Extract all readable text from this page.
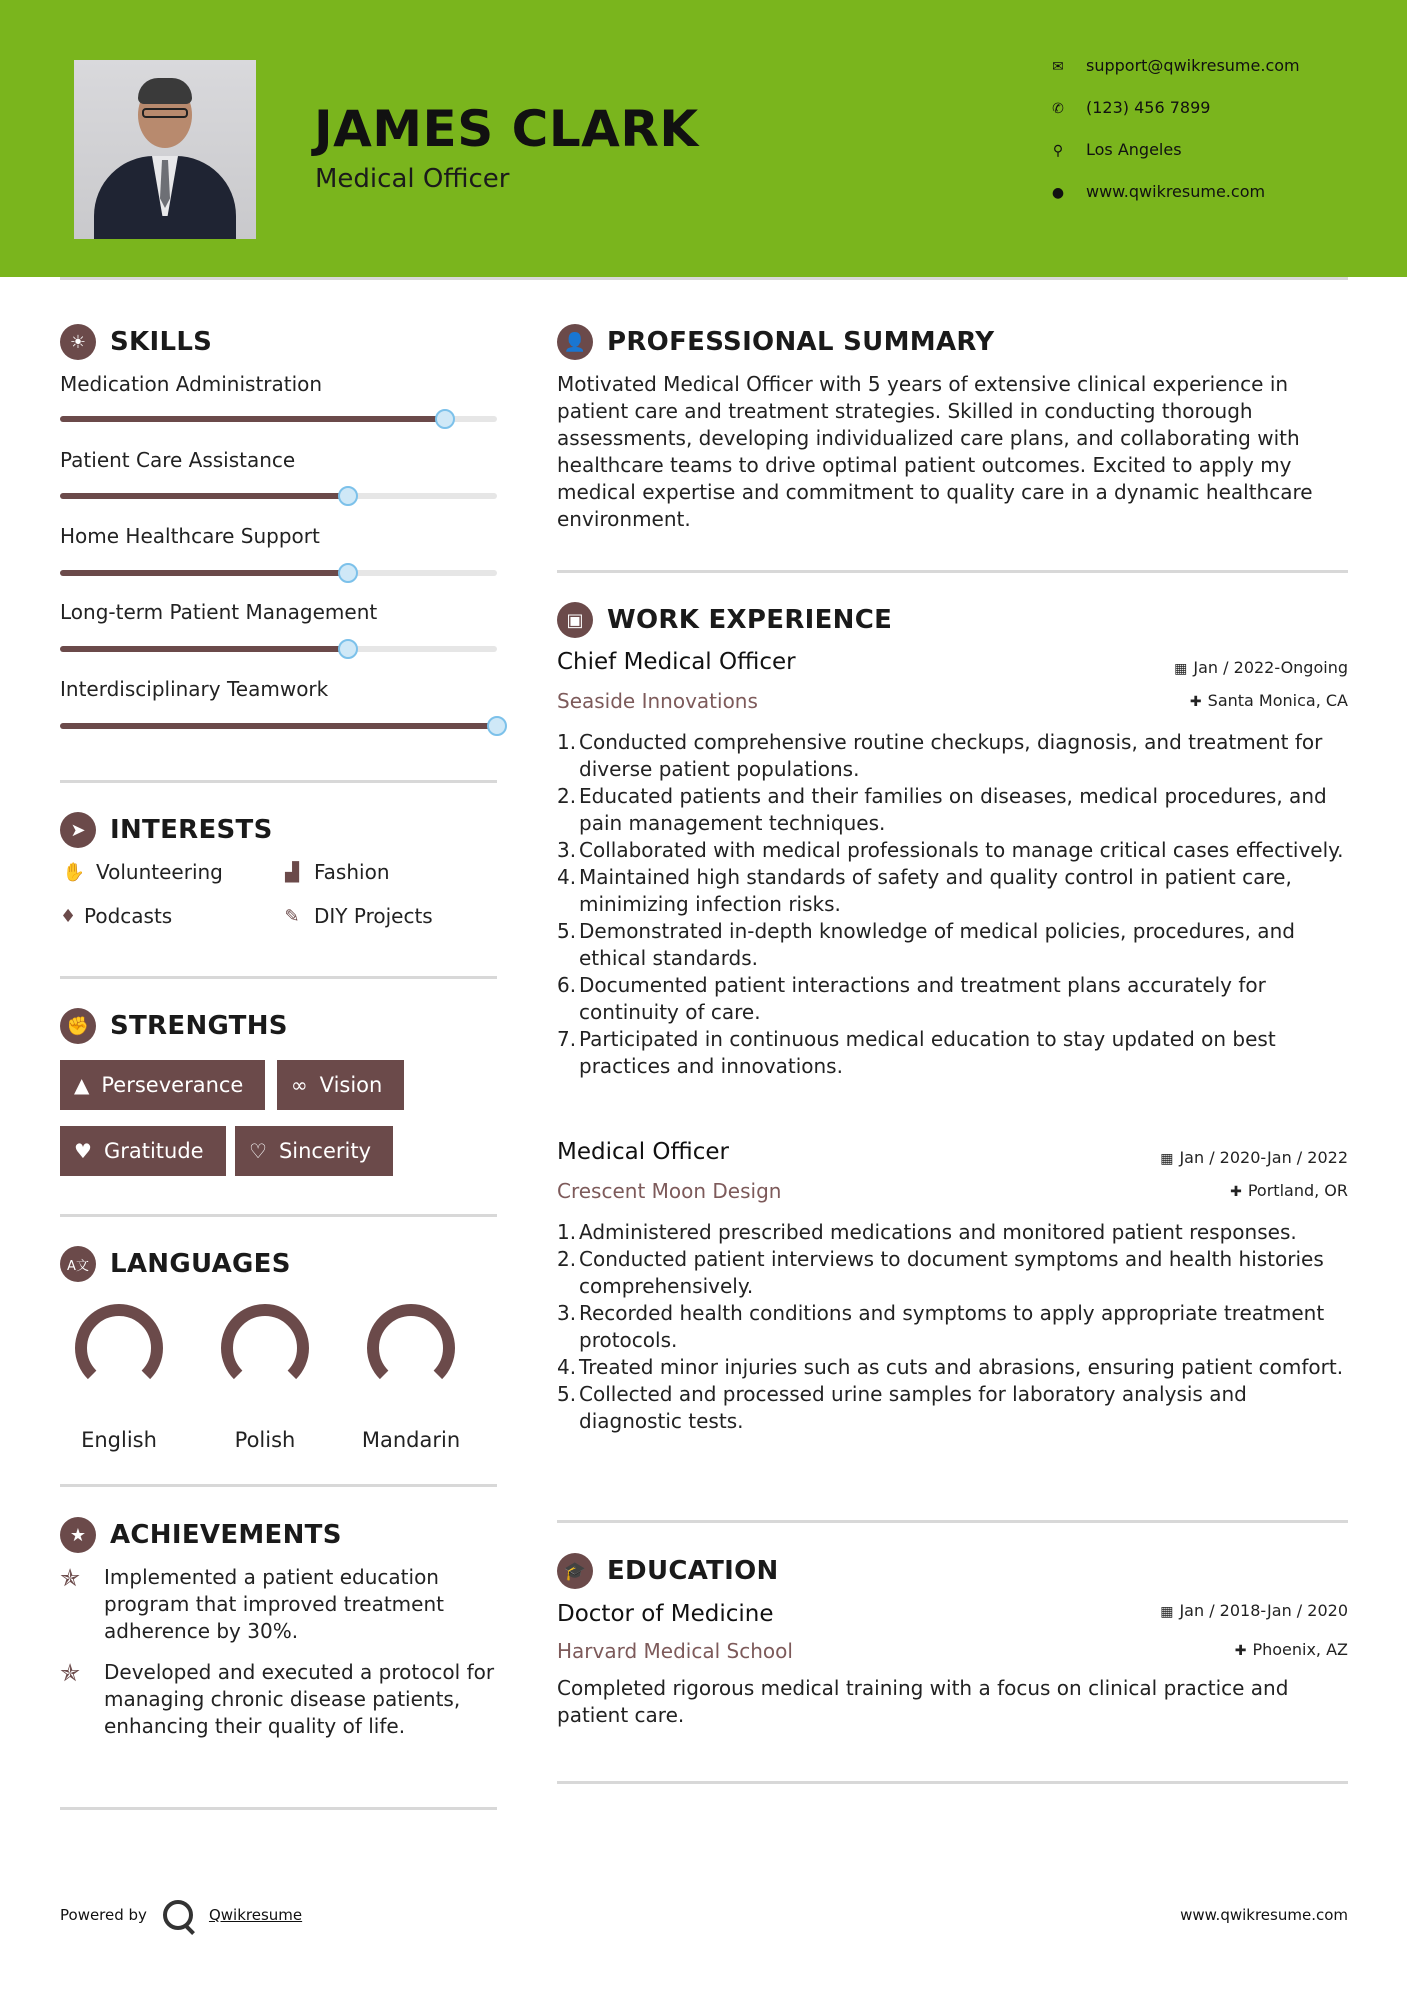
JAMES CLARK
Medical Officer
✉ support@qwikresume.com
✆ (123) 456 7899
⚲ Los Angeles
● www.qwikresume.com
☀ SKILLS
Medication Administration
Patient Care Assistance
Home Healthcare Support
Long-term Patient Management
Interdisciplinary Teamwork
➤ INTERESTS
✋ Volunteering	▟ Fashion
♦ Podcasts	✎ DIY Projects
✊ STRENGTHS
▲ Perseverance ∞ Vision
♥ Gratitude ♡ Sincerity
A文 LANGUAGES
English	Polish	Mandarin
★ ACHIEVEMENTS
✯	Implemented a patient education program that improved treatment adherence by 30%.
✯	Developed and executed a protocol for managing chronic disease patients, enhancing their quality of life.
👤 PROFESSIONAL SUMMARY
Motivated Medical Officer with 5 years of extensive clinical experience in patient care and treatment strategies. Skilled in conducting thorough assessments, developing individualized care plans, and collaborating with healthcare teams to drive optimal patient outcomes. Excited to apply my medical expertise and commitment to quality care in a dynamic healthcare environment.
▣ WORK EXPERIENCE
Chief Medical Officer	▦ Jan / 2022-Ongoing
Seaside Innovations	✚ Santa Monica, CA
1. Conducted comprehensive routine checkups, diagnosis, and treatment for diverse patient populations.
2. Educated patients and their families on diseases, medical procedures, and pain management techniques.
3. Collaborated with medical professionals to manage critical cases effectively.
4. Maintained high standards of safety and quality control in patient care, minimizing infection risks.
5. Demonstrated in-depth knowledge of medical policies, procedures, and ethical standards.
6. Documented patient interactions and treatment plans accurately for continuity of care.
7. Participated in continuous medical education to stay updated on best practices and innovations.
Medical Officer	▦ Jan / 2020-Jan / 2022
Crescent Moon Design	✚ Portland, OR
1. Administered prescribed medications and monitored patient responses.
2. Conducted patient interviews to document symptoms and health histories comprehensively.
3. Recorded health conditions and symptoms to apply appropriate treatment protocols.
4. Treated minor injuries such as cuts and abrasions, ensuring patient comfort.
5. Collected and processed urine samples for laboratory analysis and diagnostic tests.
🎓 EDUCATION
Doctor of Medicine	▦ Jan / 2018-Jan / 2020
Harvard Medical School	✚ Phoenix, AZ
Completed rigorous medical training with a focus on clinical practice and patient care.
Powered by	Qwikresume	www.qwikresume.com
